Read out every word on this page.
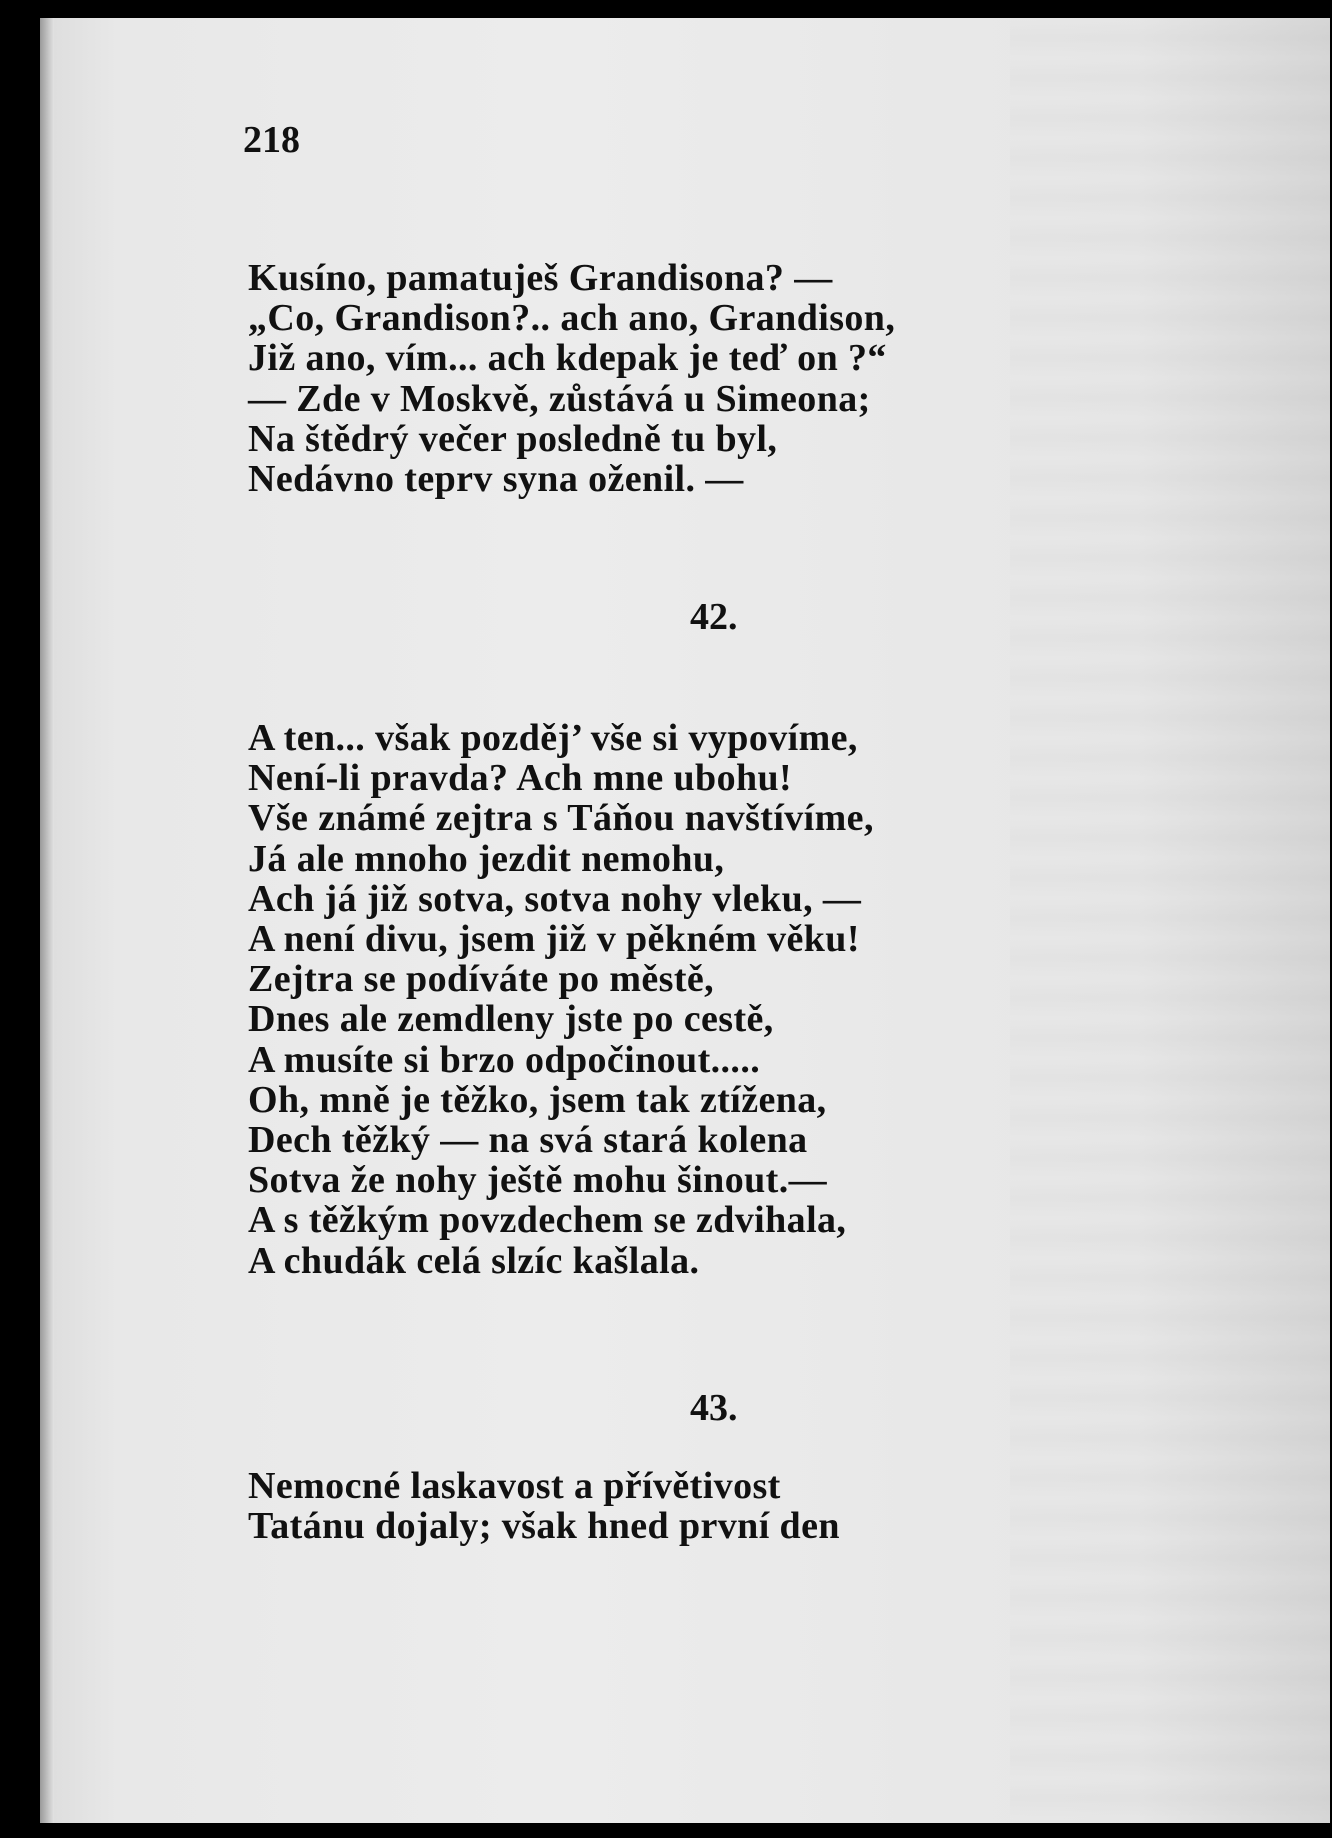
218

Kusíno, pamatuješ Grandisona? —
„Co, Grandison?.. ach ano, Grandison,
Již ano, vím... ach kdepak je teď on ?“
— Zde v Moskvě, zůstává u Simeona;
Na štědrý večer posledně tu byl,
Nedávno teprv syna oženil. —

42.

A ten... však pozděj’ vše si vypovíme,
Není-li pravda? Ach mne ubohu!
Vše známé zejtra s Táňou navštívíme,
Já ale mnoho jezdit nemohu,
Ach já již sotva, sotva nohy vleku, —
A není divu, jsem již v pěkném věku!
Zejtra se podíváte po městě,
Dnes ale zemdleny jste po cestě,
A musíte si brzo odpočinout.....
Oh, mně je těžko, jsem tak ztížena,
Dech těžký — na svá stará kolena
Sotva že nohy ještě mohu šinout.—
A s těžkým povzdechem se zdvihala,
A chudák celá slzíc kašlala.

43.

Nemocné laskavost a přívětivost
Tatánu dojaly; však hned první den
